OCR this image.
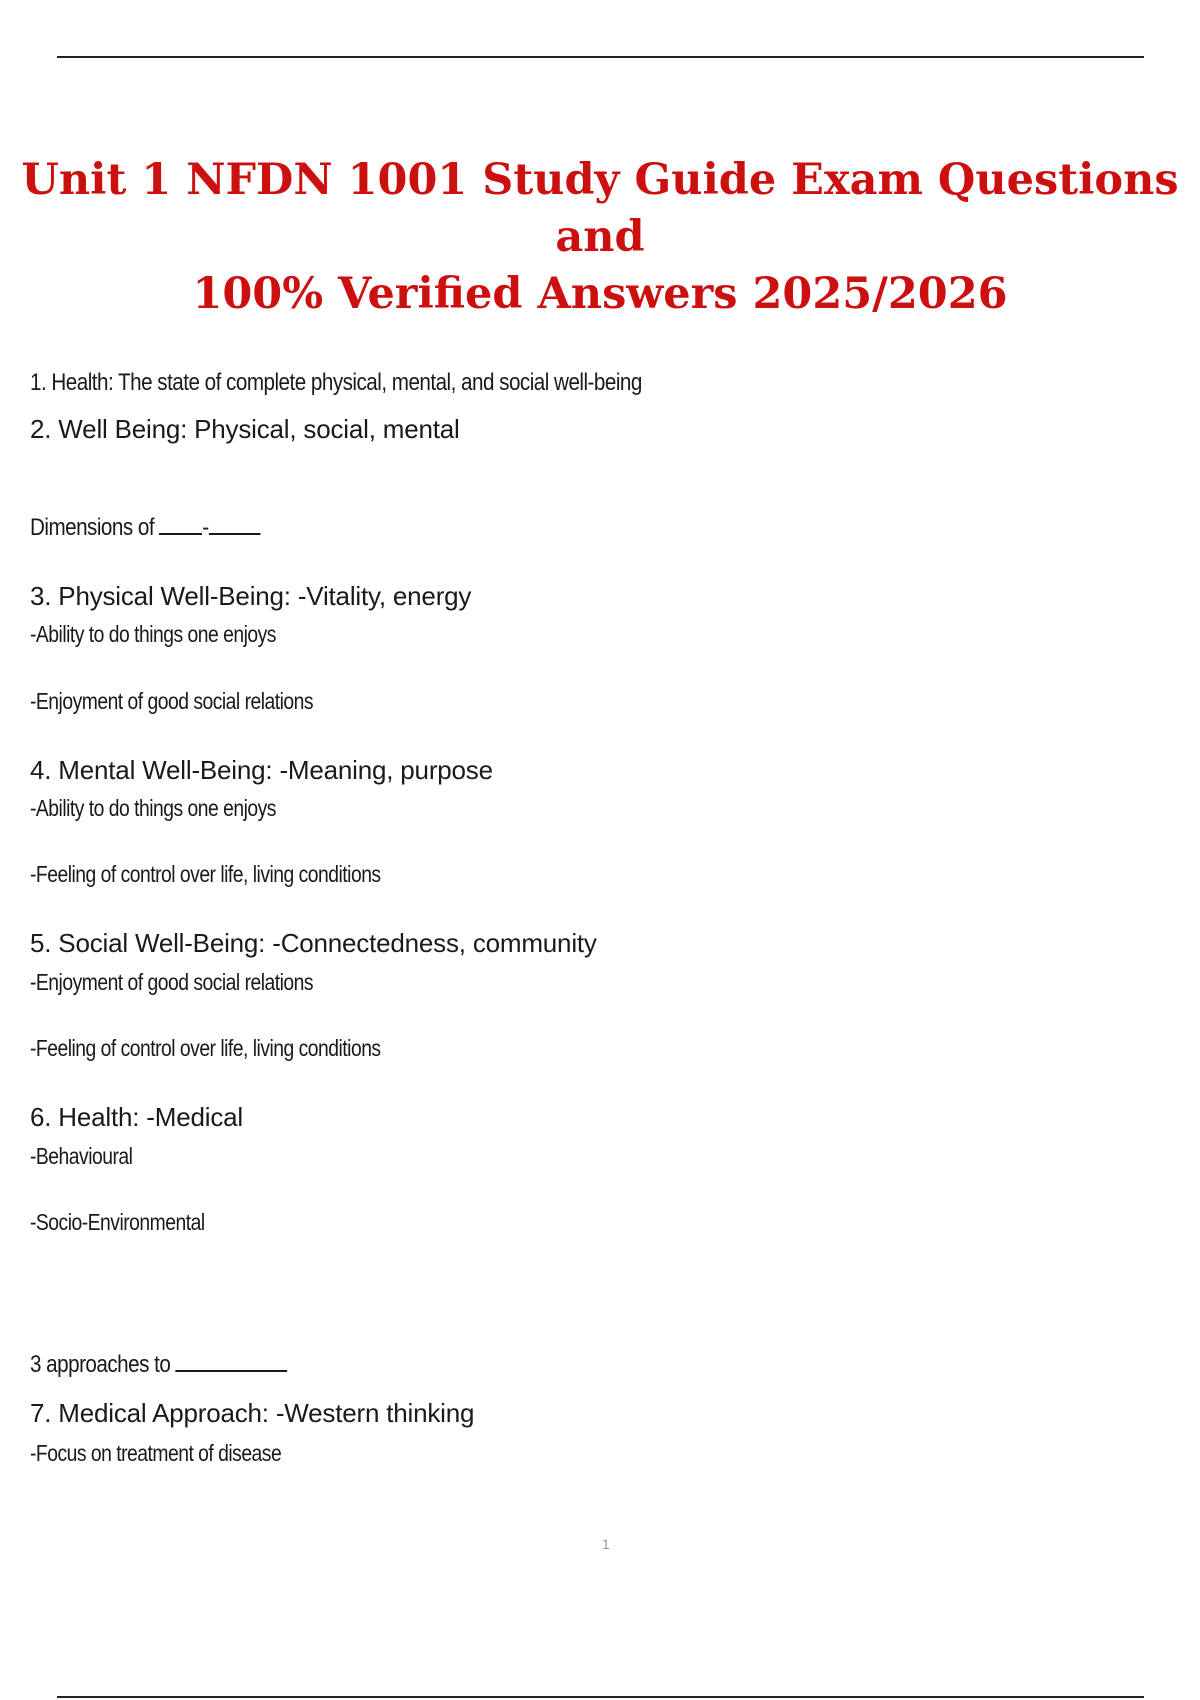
Unit 1 NFDN 1001 Study Guide Exam Questions and
100% Verified Answers 2025/2026
1. Health: The state of complete physical, mental, and social well-being
2. Well Being: Physical, social, mental
Dimensions of -
3. Physical Well-Being: -Vitality, energy
-Ability to do things one enjoys
-Enjoyment of good social relations
4. Mental Well-Being: -Meaning, purpose
-Ability to do things one enjoys
-Feeling of control over life, living conditions
5. Social Well-Being: -Connectedness, community
-Enjoyment of good social relations
-Feeling of control over life, living conditions
6. Health: -Medical
-Behavioural
-Socio-Environmental
3 approaches to
7. Medical Approach: -Western thinking
-Focus on treatment of disease
1
